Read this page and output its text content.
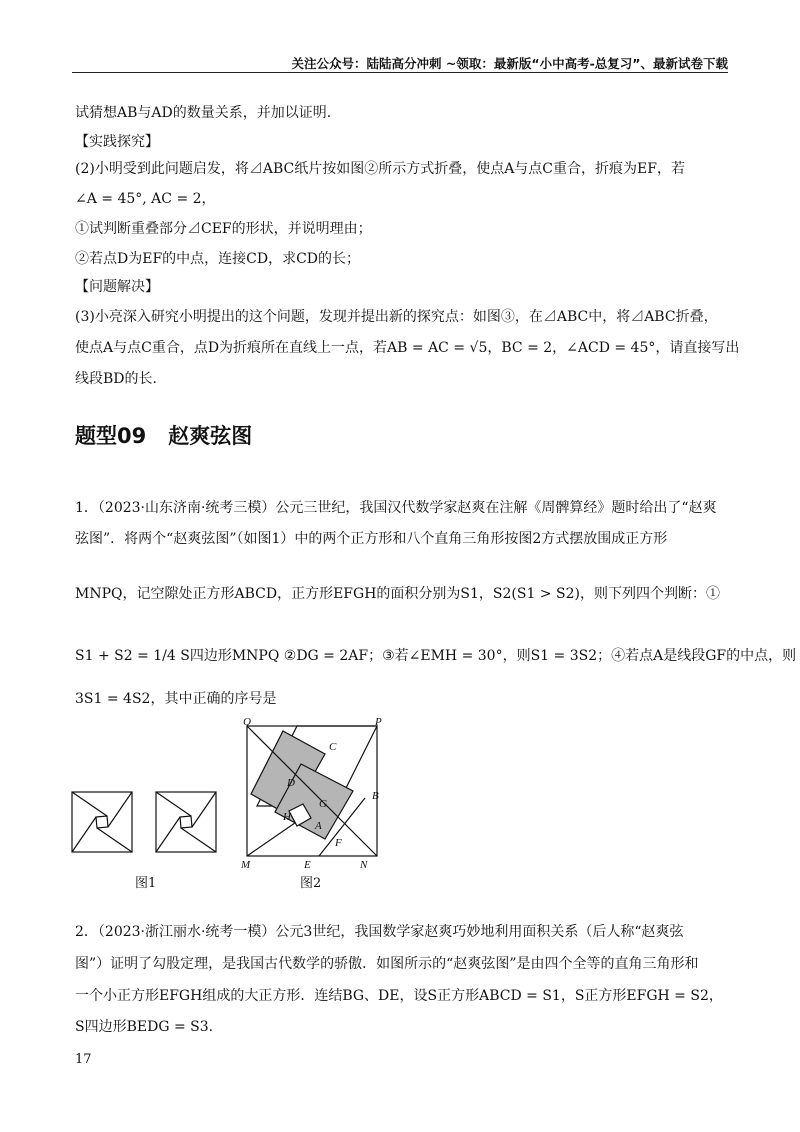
关注公众号：陆陆高分冲刺 ~领取：最新版“小中高考-总复习”、最新试卷下载
试猜想AB与AD的数量关系，并加以证明．
【实践探究】
(2)小明受到此问题启发，将⊿ABC纸片按如图②所示方式折叠，使点A与点C重合，折痕为EF，若
∠A = 45°, AC = 2，
①试判断重叠部分⊿CEF的形状，并说明理由；
②若点D为EF的中点，连接CD，求CD的长；
【问题解决】
(3)小亮深入研究小明提出的这个问题，发现并提出新的探究点：如图③，在⊿ABC中，将⊿ABC折叠，
使点A与点C重合，点D为折痕所在直线上一点，若AB = AC = √5，BC = 2，∠ACD = 45°，请直接写出
线段BD的长．
题型09 赵爽弦图
1．（2023·山东济南·统考三模）公元三世纪，我国汉代数学家赵爽在注解《周髀算经》题时给出了“赵爽
弦图”．将两个“赵爽弦图”（如图1）中的两个正方形和八个直角三角形按图2方式摆放围成正方形
MNPQ，记空隙处正方形ABCD，正方形EFGH的面积分别为S1，S2(S1 > S2)，则下列四个判断：①
S1 + S2 = 1/4 S四边形MNPQ ②DG = 2AF；③若∠EMH = 30°，则S1 = 3S2；④若点A是线段GF的中点，则
3S1 = 4S2，其中正确的序号是
图1
Q	P
C
D
G
B
H
A
F
M	E	N
图2
2．（2023·浙江丽水·统考一模）公元3世纪，我国数学家赵爽巧妙地利用面积关系（后人称“赵爽弦
图”）证明了勾股定理，是我国古代数学的骄傲．如图所示的“赵爽弦图”是由四个全等的直角三角形和
一个小正方形EFGH组成的大正方形．连结BG、DE，设S正方形ABCD = S1，S正方形EFGH = S2，
S四边形BEDG = S3.
17
